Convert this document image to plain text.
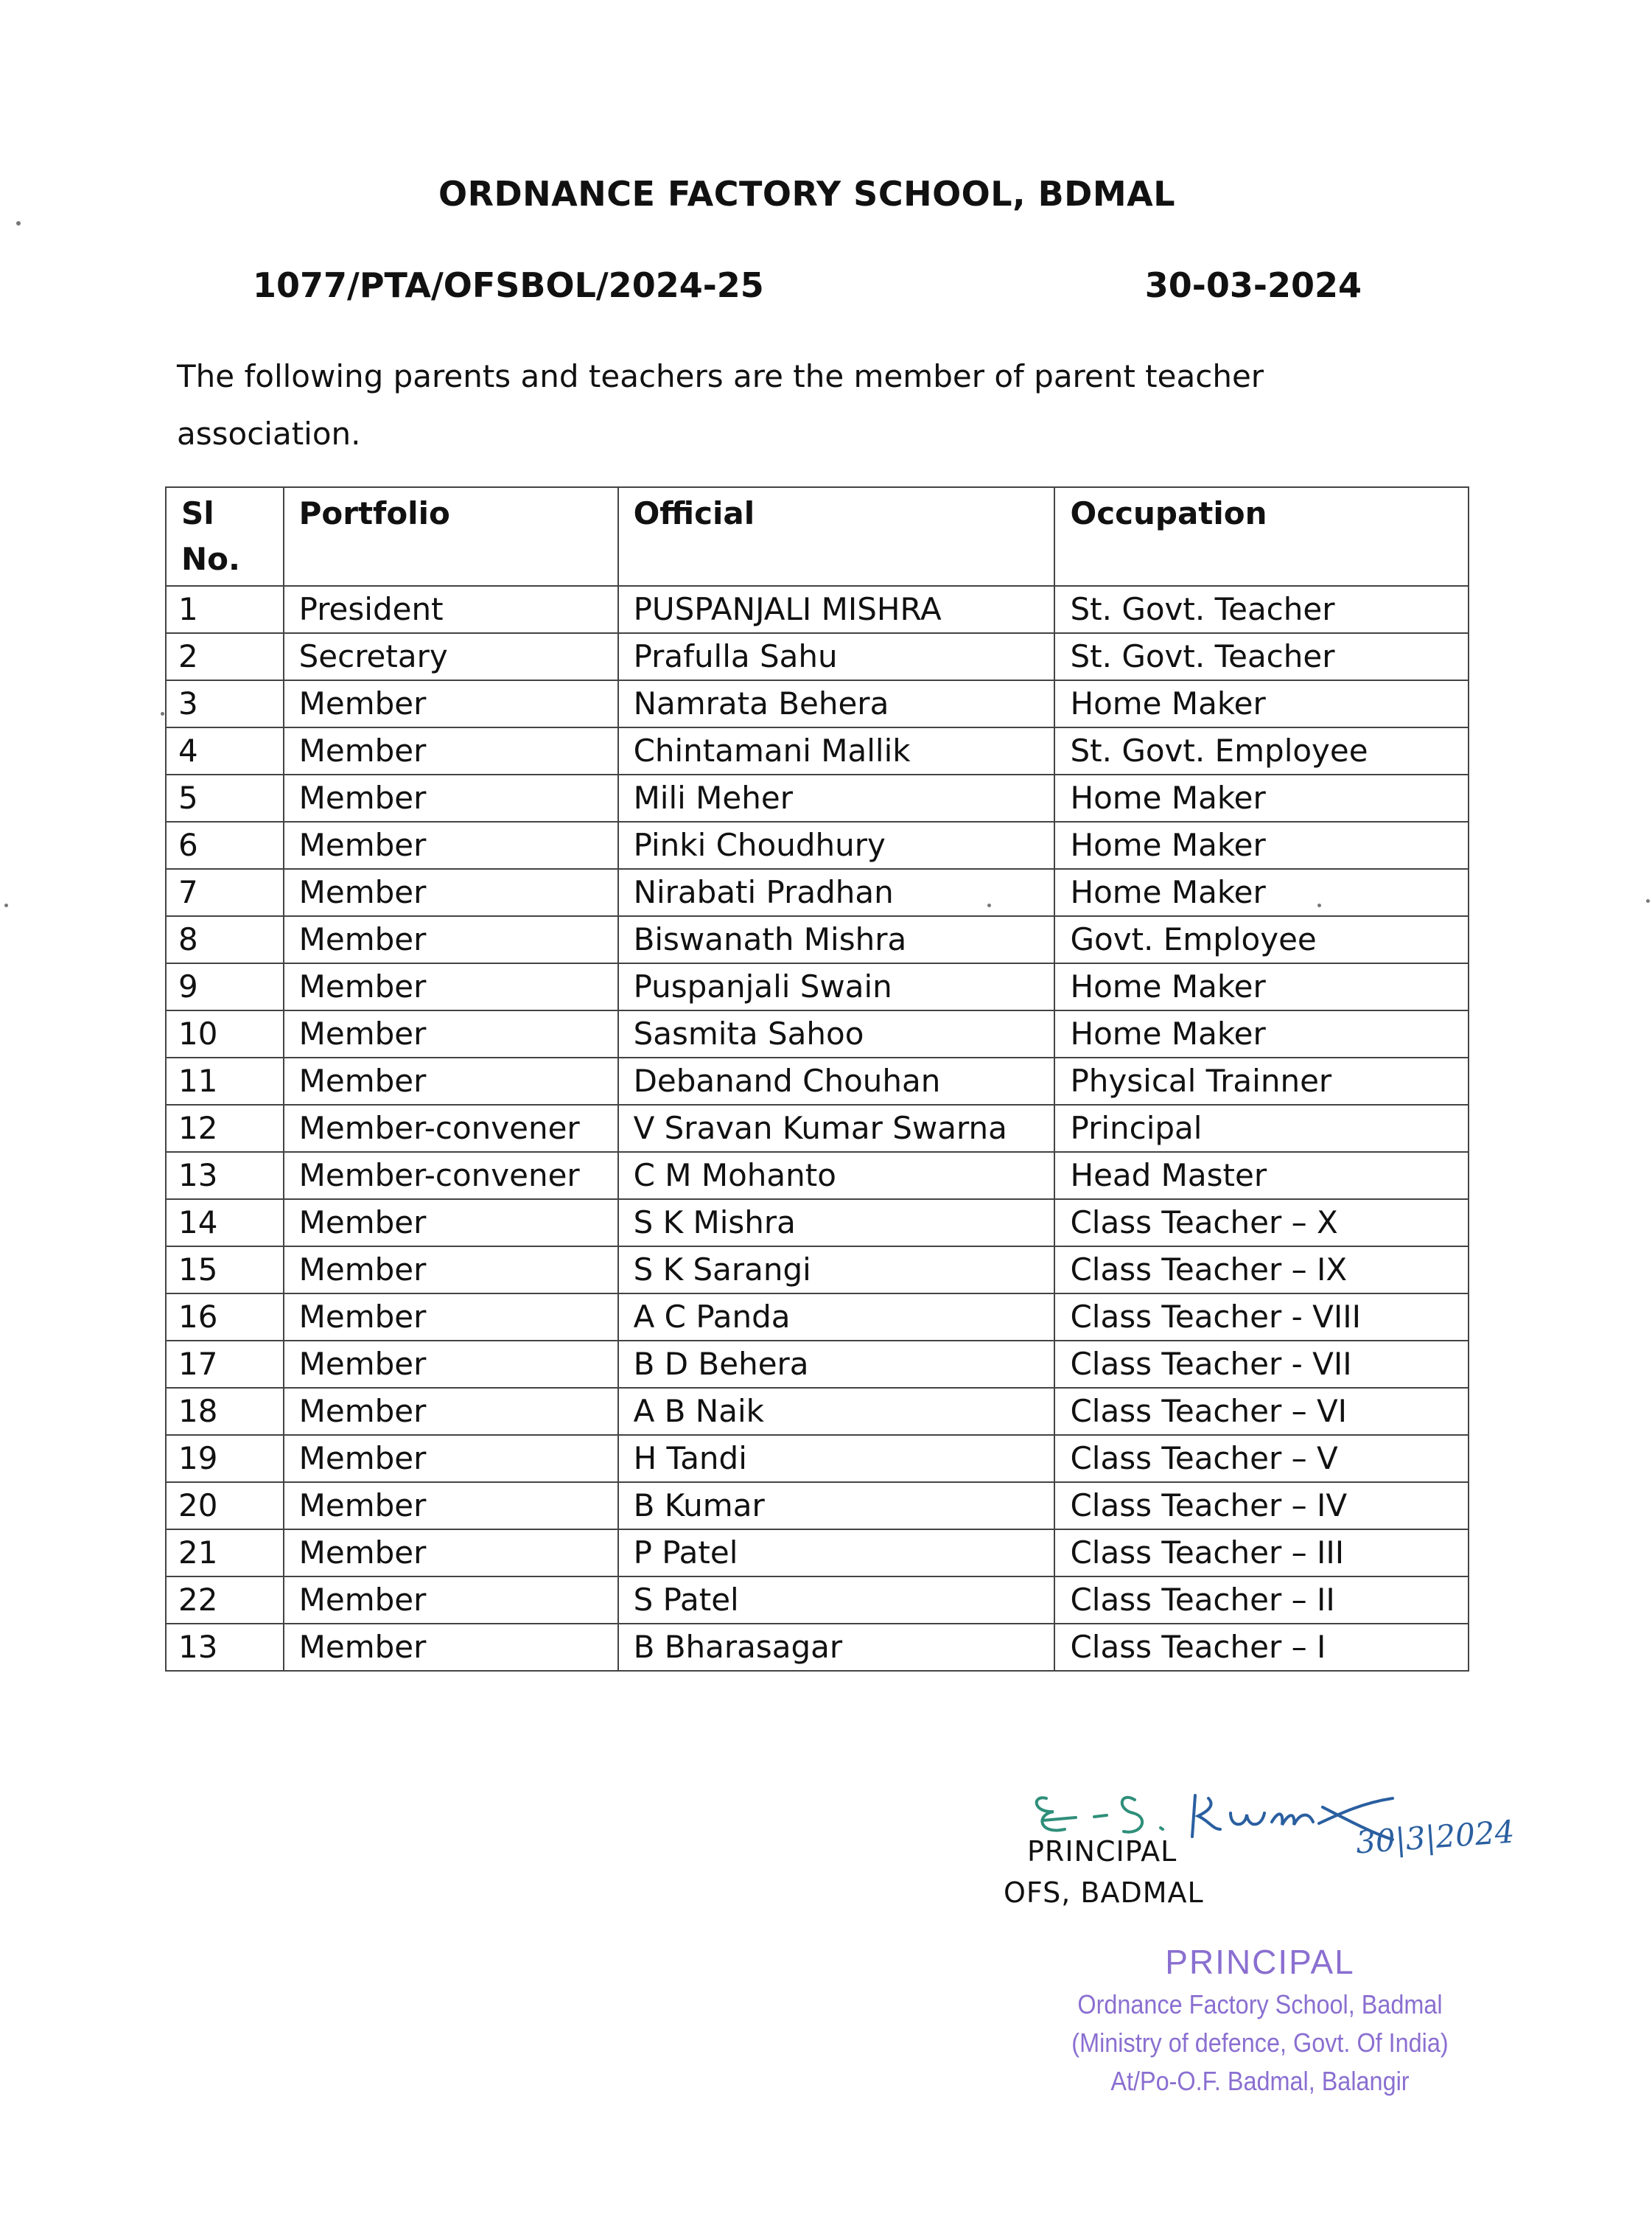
ORDNANCE FACTORY SCHOOL, BDMAL
1077/PTA/OFSBOL/2024-25	30-03-2024
The following parents and teachers are the member of parent teacher association.
Sl No.	Portfolio	Official	Occupation
1	President	PUSPANJALI MISHRA	St. Govt. Teacher
2	Secretary	Prafulla Sahu	St. Govt. Teacher
3	Member	Namrata Behera	Home Maker
4	Member	Chintamani Mallik	St. Govt. Employee
5	Member	Mili Meher	Home Maker
6	Member	Pinki Choudhury	Home Maker
7	Member	Nirabati Pradhan	Home Maker
8	Member	Biswanath Mishra	Govt. Employee
9	Member	Puspanjali Swain	Home Maker
10	Member	Sasmita Sahoo	Home Maker
11	Member	Debanand Chouhan	Physical Trainner
12	Member-convener	V Sravan Kumar Swarna	Principal
13	Member-convener	C M Mohanto	Head Master
14	Member	S K Mishra	Class Teacher – X
15	Member	S K Sarangi	Class Teacher – IX
16	Member	A C Panda	Class Teacher - VIII
17	Member	B D Behera	Class Teacher - VII
18	Member	A B Naik	Class Teacher – VI
19	Member	H Tandi	Class Teacher – V
20	Member	B Kumar	Class Teacher – IV
21	Member	P Patel	Class Teacher – III
22	Member	S Patel	Class Teacher – II
13	Member	B Bharasagar	Class Teacher – I
30|3|2024
PRINCIPAL
OFS, BADMAL
PRINCIPAL
Ordnance Factory School, Badmal
(Ministry of defence, Govt. Of India)
At/Po-O.F. Badmal, Balangir
